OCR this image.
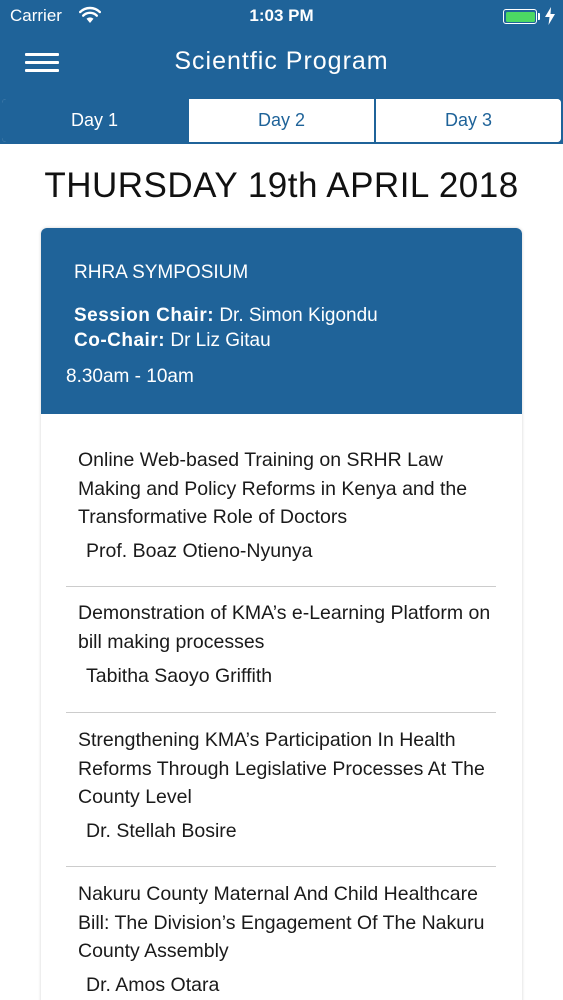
Carrier	1:03 PM
Scientfic Program
Day 1	Day 2	Day 3
THURSDAY 19th APRIL 2018
RHRA SYMPOSIUM
Session Chair: Dr. Simon Kigondu
Co-Chair: Dr Liz Gitau
8.30am - 10am
Online Web-based Training on SRHR Law Making and Policy Reforms in Kenya and the Transformative Role of Doctors
Prof. Boaz Otieno-Nyunya
Demonstration of KMA’s e-Learning Platform on bill making processes
Tabitha Saoyo Griffith
Strengthening KMA’s Participation In Health Reforms Through Legislative Processes At The County Level
Dr. Stellah Bosire
Nakuru County Maternal And Child Healthcare Bill: The Division’s Engagement Of The Nakuru County Assembly
Dr. Amos Otara
